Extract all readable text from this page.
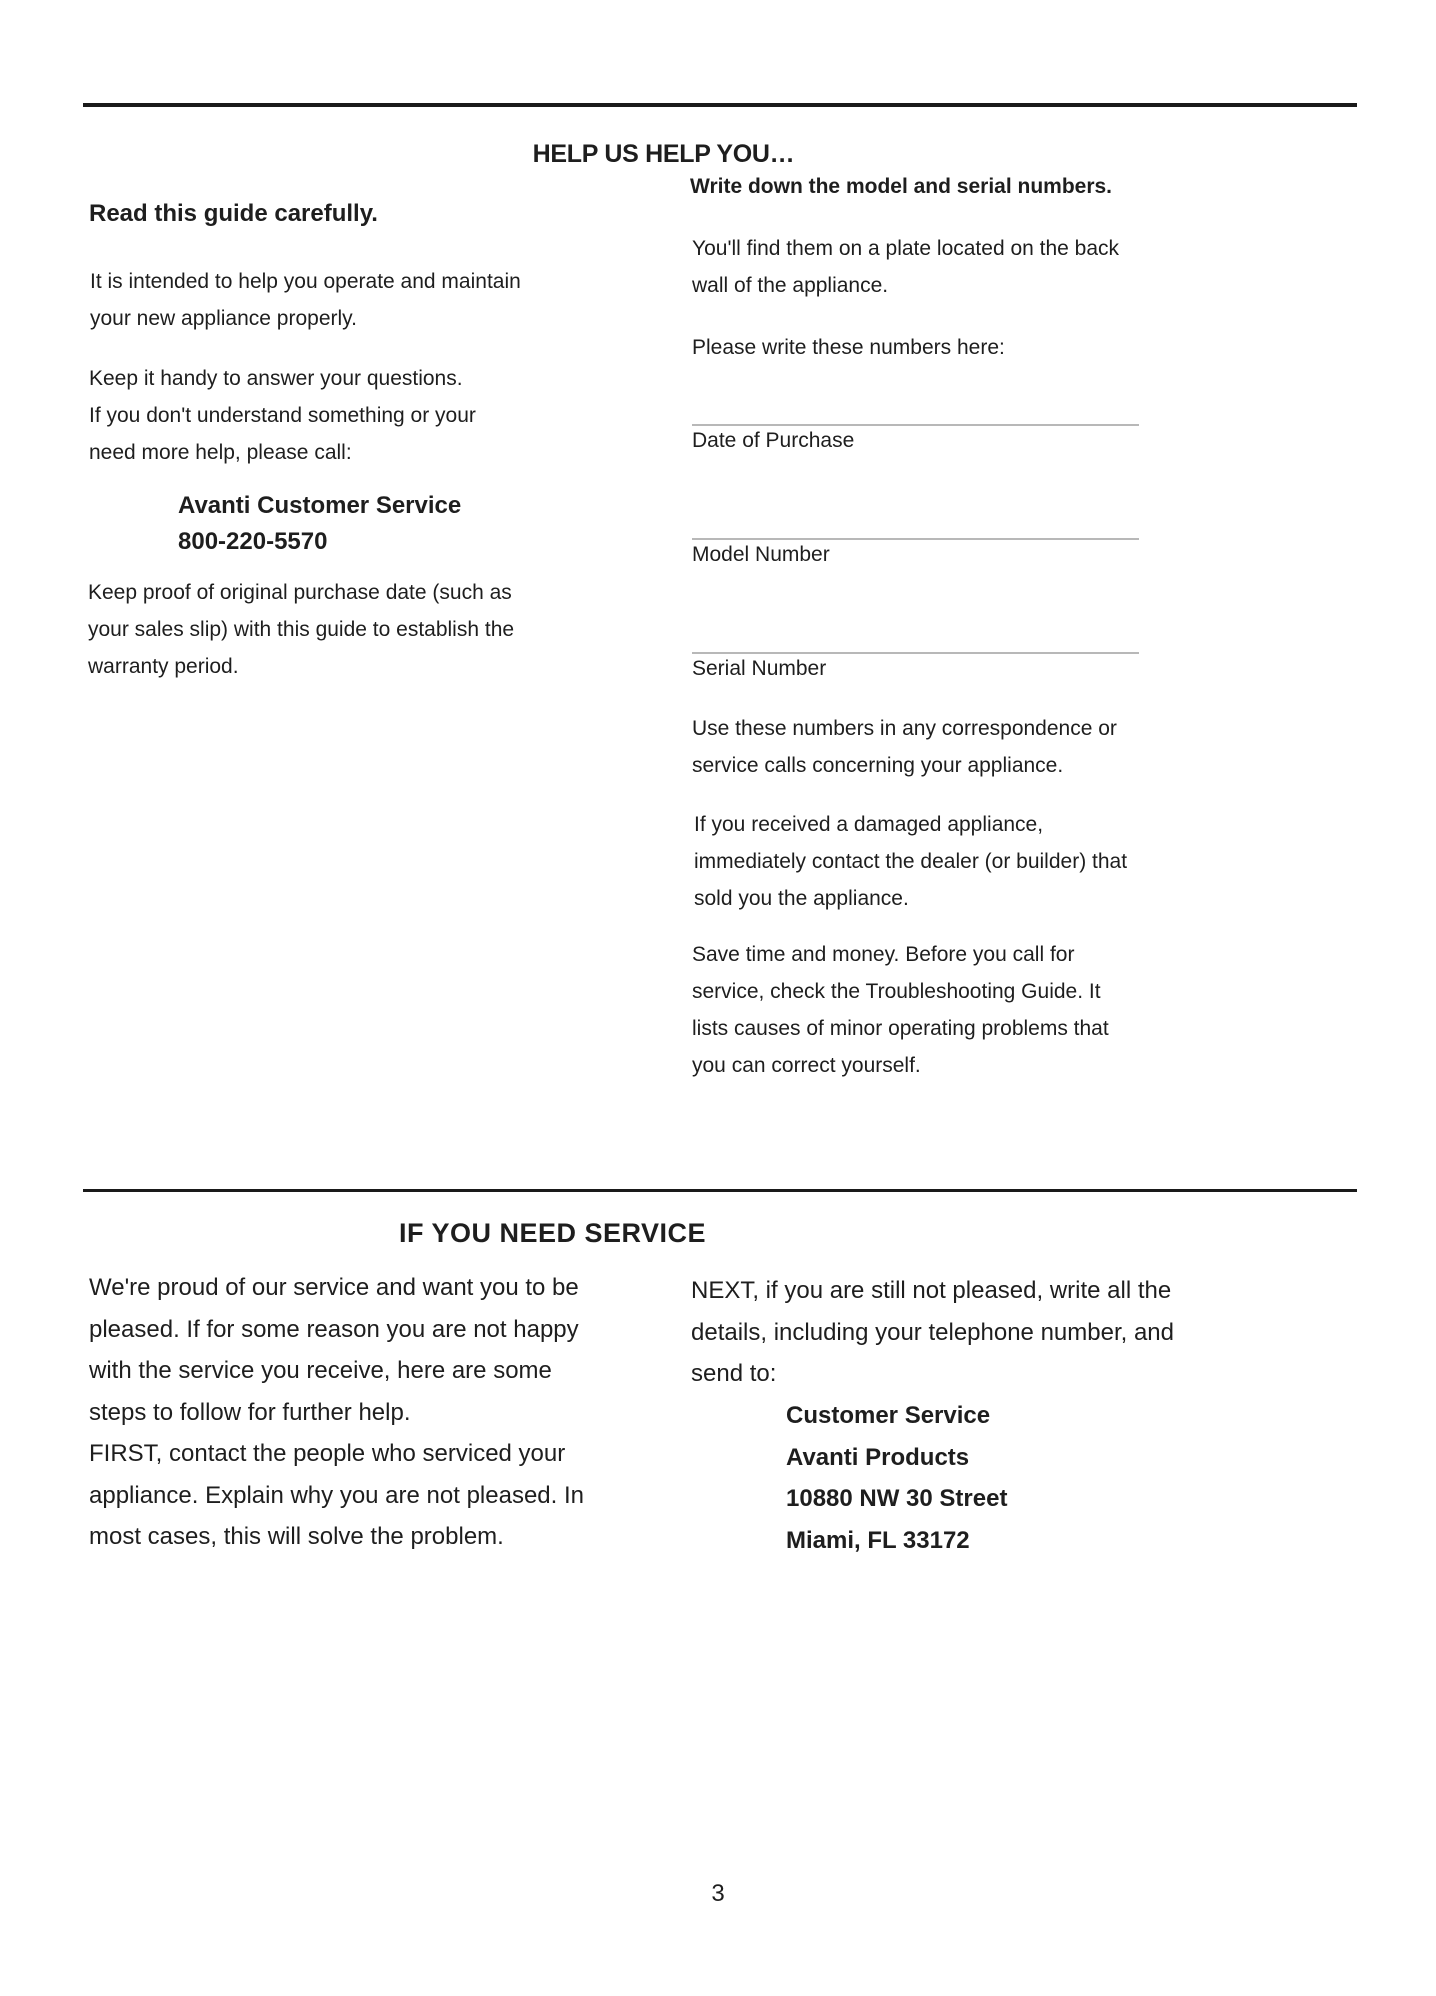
HELP US HELP YOU…
Read this guide carefully.
It is intended to help you operate and maintain
your new appliance properly.
Keep it handy to answer your questions.
If you don't understand something or your
need more help, please call:
Avanti Customer Service
800-220-5570
Keep proof of original purchase date (such as
your sales slip) with this guide to establish the
warranty period.
Write down the model and serial numbers.
You'll find them on a plate located on the back
wall of the appliance.
Please write these numbers here:
Date of Purchase
Model Number
Serial Number
Use these numbers in any correspondence or
service calls concerning your appliance.
If you received a damaged appliance,
immediately contact the dealer (or builder) that
sold you the appliance.
Save time and money. Before you call for
service, check the Troubleshooting Guide. It
lists causes of minor operating problems that
you can correct yourself.
IF YOU NEED SERVICE
We're proud of our service and want you to be
pleased. If for some reason you are not happy
with the service you receive, here are some
steps to follow for further help.
FIRST, contact the people who serviced your
appliance. Explain why you are not pleased. In
most cases, this will solve the problem.
NEXT, if you are still not pleased, write all the
details, including your telephone number, and
send to:
Customer Service
Avanti Products
10880 NW 30 Street
Miami, FL 33172
3
